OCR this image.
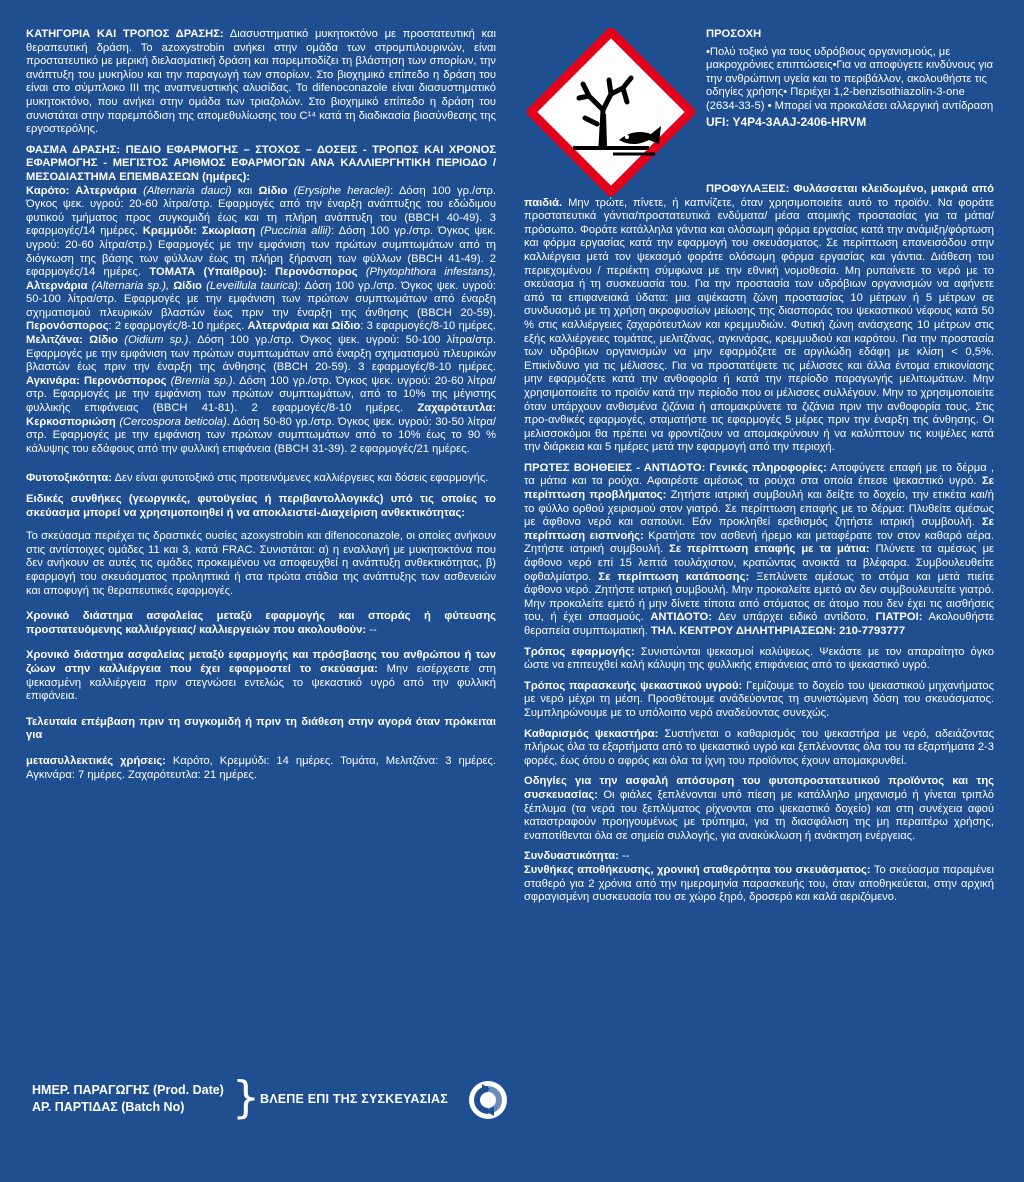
ΚΑΤΗΓΟΡΙΑ ΚΑΙ ΤΡΟΠΟΣ ΔΡΑΣΗΣ: Διασυστηματικό μυκητοκτόνο με προστατευτική και θεραπευτική δράση. Το azoxystrobin ανήκει στην ομάδα των στρομπιλουρινών, είναι προστατευτικό με μερική διελασματική δράση και παρεμποδίζει τη βλάστηση των σπορίων, την ανάπτυξη του μυκηλίου και την παραγωγή των σπορίων. Στο βιοχημικό επίπεδο η δράση του είναι στο σύμπλοκο ΙΙΙ της αναπνευστικής αλυσίδας. Το difenoconazole είναι διασυστηματικό μυκητοκτόνο, που ανήκει στην ομάδα των τριαζολών. Στο βιοχημικό επίπεδο η δράση του συνιστάται στην παρεμπόδιση της απομεθυλίωσης του C¹⁴ κατά τη διαδικασία βιοσύνθεσης της εργοστερόλης.

ΦΑΣΜΑ ΔΡΑΣΗΣ: ΠΕΔΙΟ ΕΦΑΡΜΟΓΗΣ – ΣΤΟΧΟΣ – ΔΟΣΕΙΣ - ΤΡΟΠΟΣ ΚΑΙ ΧΡΟΝΟΣ ΕΦΑΡΜΟΓΗΣ - ΜΕΓΙΣΤΟΣ ΑΡΙΘΜΟΣ ΕΦΑΡΜΟΓΩΝ ΑΝΑ ΚΑΛΛΙΕΡΓΗΤΙΚΗ ΠΕΡΙΟΔΟ / ΜΕΣΟΔΙΑΣΤΗΜΑ ΕΠΕΜΒΑΣΕΩΝ (ημέρες):
Καρότο: Αλτερνάρια (Alternaria dauci) και Ωίδιο (Erysiphe heraclei): Δόση 100 γρ./στρ. Όγκος ψεκ. υγρού: 20-60 λίτρα/στρ. Εφαρμογές από την έναρξη ανάπτυξης του εδώδιμου φυτικού τμήματος προς συγκομιδή έως και τη πλήρη ανάπτυξη του (BBCH 40-49). 3 εφαρμογές/14 ημέρες. Κρεμμύδι: Σκωρίαση (Puccinia allii): Δόση 100 γρ./στρ. Όγκος ψεκ. υγρού: 20-60 λίτρα/στρ.) Εφαρμογές με την εμφάνιση των πρώτων συμπτωμάτων από τη διόγκωση της βάσης των φύλλων έως τη πλήρη ξήρανση των φύλλων (BBCH 41-49). 2 εφαρμογές/14 ημέρες. ΤΟΜΑΤΑ (Υπαίθρου): Περονόσπορος (Phytophthora infestans), Αλτερνάρια (Alternaria sp.), Ωίδιο (Leveillula taurica): Δόση 100 γρ./στρ. Όγκος ψεκ. υγρού: 50-100 λίτρα/στρ. Εφαρμογές με την εμφάνιση των πρώτων συμπτωμάτων από έναρξη σχηματισμού πλευρικών βλαστών έως πριν την έναρξη της άνθησης (BBCH 20-59). Περονόσπορος: 2 εφαρμογές/8-10 ημέρες. Αλτερνάρια και Ωίδιο: 3 εφαρμογές/8-10 ημέρες. Μελιτζάνα: Ωίδιο (Oidium sp.). Δόση 100 γρ./στρ. Όγκος ψεκ. υγρού: 50-100 λίτρα/στρ. Εφαρμογές με την εμφάνιση των πρώτων συμπτωμάτων από έναρξη σχηματισμού πλευρικών βλαστών έως πριν την έναρξη της άνθησης (BBCH 20-59). 3 εφαρμογές/8-10 ημέρες. Αγκινάρα: Περονόσπορος (Bremia sp.). Δόση 100 γρ./στρ. Όγκος ψεκ. υγρού: 20-60 λίτρα/στρ. Εφαρμογές με την εμφάνιση των πρώτων συμπτωμάτων, από το 10% της μέγιστης φυλλικής επιφάνειας (BBCH 41-81). 2 εφαρμογές/8-10 ημέρες. Ζαχαρότευτλα: Κερκοσποριώση (Cercospora beticola). Δόση 50-80 γρ./στρ. Όγκος ψεκ. υγρού: 30-50 λίτρα/στρ. Εφαρμογές με την εμφάνιση των πρώτων συμπτωμάτων από το 10% έως το 90 % κάλυψης του εδάφους από την φυλλική επιφάνεια (BBCH 31-39). 2 εφαρμογές/21 ημέρες.

Φυτοτοξικότητα: Δεν είναι φυτοτοξικό στις προτεινόμενες καλλιέργειες και δόσεις εφαρμογής.

Ειδικές συνθήκες (γεωργικές, φυτοϋγείας ή περιβαντολλογικές) υπό τις οποίες το σκεύασμα μπορεί να χρησιμοποιηθεί ή να αποκλειστεί-Διαχείριση ανθεκτικότητας:

Το σκεύασμα περιέχει τις δραστικές ουσίες azoxystrobin και difenoconazole, οι οποίες ανήκουν στις αντίστοιχες ομάδες 11 και 3, κατά FRAC. Συνιστάται: α) η εναλλαγή με μυκητοκτόνα που δεν ανήκουν σε αυτές τις ομάδες προκειμένου να αποφευχθεί η ανάπτυξη ανθεκτικότητας, β) εφαρμογή του σκευάσματος προληπτικά ή στα πρώτα στάδια της ανάπτυξης των ασθενειών και αποφυγή τις θεραπευτικές εφαρμογές.

Χρονικό διάστημα ασφαλείας μεταξύ εφαρμογής και σποράς ή φύτευσης προστατευόμενης καλλιέργειας/ καλλιεργειών που ακολουθούν: --

Χρονικό διάστημα ασφαλείας μεταξύ εφαρμογής και πρόσβασης του ανθρώπου ή των ζώων στην καλλιέργεια που έχει εφαρμοστεί το σκεύασμα: Μην εισέρχεστε στη ψεκασμένη καλλιέργεια πριν στεγνώσει εντελώς το ψεκαστικό υγρό από την φυλλική επιφάνεια.

Τελευταία επέμβαση πριν τη συγκομιδή ή πριν τη διάθεση στην αγορά όταν πρόκειται για

μετασυλλεκτικές χρήσεις: Καρότο, Κρεμμύδι: 14 ημέρες. Τομάτα, Μελιτζάνα: 3 ημέρες. Αγκινάρα: 7 ημέρες. Ζαχαρότευτλα: 21 ημέρες.

ΠΡΟΣΟΧΗ

•Πολύ τοξικό για τους υδρόβιους οργανισμούς, με μακροχρόνιες επιπτώσεις•Για να αποφύγετε κινδύνους για την ανθρώπινη υγεία και το περιβάλλον, ακολουθήστε τις οδηγίες χρήσης• Περιέχει 1,2-benzisothiazolin-3-one (2634-33-5) • Μπορεί να προκαλέσει αλλεργική αντίδραση

UFI: Y4P4-3AAJ-2406-HRVM

ΠΡΟΦΥΛΑΞΕΙΣ: Φυλάσσεται κλειδωμένο, μακριά από παιδιά. Μην τρώτε, πίνετε, ή καπνίζετε, όταν χρησιμοποιείτε αυτό το προϊόν. Να φοράτε προστατευτικά γάντια/προστατευτικά ενδύματα/ μέσα ατομικής προστασίας για τα μάτια/πρόσωπο. Φοράτε κατάλληλα γάντια και ολόσωμη φόρμα εργασίας κατά την ανάμιξη/φόρτωση και φόρμα εργασίας κατά την εφαρμογή του σκευάσματος. Σε περίπτωση επανεισόδου στην καλλιέργεια μετά τον ψεκασμό φοράτε ολόσωμη φόρμα εργασίας και γάντια. Διάθεση του περιεχομένου / περιέκτη σύμφωνα με την εθνική νομοθεσία. Μη ρυπαίνετε το νερό με το σκεύασμα ή τη συσκευασία του. Για την προστασία των υδρόβιων οργανισμών να αφήνετε από τα επιφανειακά ύδατα: μια αψέκαστη ζώνη προστασίας 10 μέτρων ή 5 μέτρων σε συνδυασμό με τη χρήση ακροφυσίων μείωσης της διασποράς του ψεκαστικού νέφους κατά 50 % στις καλλιέργειες ζαχαρότευτλων και κρεμμυδιών. Φυτική ζώνη ανάσχεσης 10 μέτρων στις εξής καλλιέργειες τομάτας, μελιτζάνας, αγκινάρας, κρεμμυδιού και καρότου. Για την προστασία των υδρόβιων οργανισμών να μην εφαρμόζετε σε αργιλώδη εδάφη με κλίση < 0,5%. Επικίνδυνο για τις μέλισσες. Για να προστατέψετε τις μέλισσες και άλλα έντομα επικονίασης μην εφαρμόζετε κατά την ανθοφορία ή κατά την περίοδο παραγωγής μελιτωμάτων. Μην χρησιμοποιείτε το προϊόν κατά την περίοδο που οι μέλισσες συλλέγουν. Μην το χρησιμοποιείτε όταν υπάρχουν ανθισμένα ζιζάνια ή απομακρύνετε τα ζιζάνια πριν την ανθοφορία τους. Στις προ-ανθικές εφαρμογές, σταματήστε τις εφαρμογές 5 μέρες πριν την έναρξη της άνθησης. Οι μελισσοκόμοι θα πρέπει να φροντίζουν να απομακρύνουν ή να καλύπτουν τις κυψέλες κατά την διάρκεια και 5 ημέρες μετά την εφαρμογή από την περιοχή.

ΠΡΩΤΕΣ ΒΟΗΘΕΙΕΣ - ΑΝΤΙΔΟΤΟ: Γενικές πληροφορίες: Αποφύγετε επαφή με το δέρμα , τα μάτια και τα ρούχα. Αφαιρέστε αμέσως τα ρούχα στα οποία έπεσε ψεκαστικό υγρό. Σε περίπτωση προβλήματος: Ζητήστε ιατρική συμβουλή και δείξτε το δοχείο, την ετικέτα και/ή το φύλλο ορθού χειρισμού στον γιατρό. Σε περίπτωση επαφής με το δέρμα: Πλυθείτε αμέσως με άφθονο νερό και σαπούνι. Εάν προκληθεί ερεθισμός ζητήστε ιατρική συμβουλή. Σε περίπτωση εισπνοής: Κρατήστε τον ασθενή ήρεμο και μεταφέρατε τον στον καθαρό αέρα. Ζητήστε ιατρική συμβουλή. Σε περίπτωση επαφής με τα μάτια: Πλύνετε τα αμέσως με άφθονο νερό επί 15 λεπτά τουλάχιστον, κρατώντας ανοικτά τα βλέφαρα. Συμβουλευθείτε οφθαλμίατρο. Σε περίπτωση κατάποσης: Ξεπλύνετε αμέσως το στόμα και μετά πιείτε άφθονο νερό. Ζητήστε ιατρική συμβουλή. Μην προκαλείτε εμετό αν δεν συμβουλευτείτε γιατρό. Μην προκαλείτε εμετό ή μην δίνετε τίποτα από στόματος σε άτομο που δεν έχει τις αισθήσεις του, ή έχει σπασμούς. ΑΝΤΙΔΟΤΟ: Δεν υπάρχει ειδικό αντίδοτο. ΓΙΑΤΡΟΙ: Ακολουθήστε θεραπεία συμπτωματική. ΤΗΛ. ΚΕΝΤΡΟΥ ΔΗΛΗΤΗΡΙΑΣΕΩΝ: 210-7793777

Τρόπος εφαρμογής: Συνιστώνται ψεκασμοί καλύψεως. Ψεκάστε με τον απαραίτητο όγκο ώστε να επιτευχθεί καλή κάλυψη της φυλλικής επιφάνειας από το ψεκαστικό υγρό.

Τρόπος παρασκευής ψεκαστικού υγρού: Γεμίζουμε το δοχείο του ψεκαστικού μηχανήματος με νερό μέχρι τη μέση. Προσθέτουμε ανάδεύοντας τη συνιστώμενη δόση του σκευάσματος. Συμπληρώνουμε με το υπόλοιπο νερό αναδεύοντας συνεχώς.

Καθαρισμός ψεκαστήρα: Συστήνεται ο καθαρισμός του ψεκαστήρα με νερό, αδειάζοντας πλήρως όλα τα εξαρτήματα από το ψεκαστικό υγρό και ξεπλένοντας όλα του τα εξαρτήματα 2-3 φορές, έως ότου ο αφρός και όλα τα ίχνη του προϊόντος έχουν απομακρυνθεί.

Οδηγίες για την ασφαλή απόσυρση του φυτοπροστατευτικού προϊόντος και της συσκευασίας: Οι φιάλες ξεπλένονται υπό πίεση με κατάλληλο μηχανισμό ή γίνεται τριπλό ξέπλυμα (τα νερά του ξεπλύματος ρίχνονται στο ψεκαστικό δοχείο) και στη συνέχεια αφού καταστραφούν προηγουμένως με τρύπημα, για τη διασφάλιση της μη περαιτέρω χρήσης, εναποτίθενται όλα σε σημεία συλλογής, για ανακύκλωση ή ανάκτηση ενέργειας.

Συνδυαστικότητα: --

Συνθήκες αποθήκευσης, χρονική σταθερότητα του σκευάσματος: Το σκεύασμα παραμένει σταθερό για 2 χρόνια από την ημερομηνία παρασκευής του, όταν αποθηκεύεται, στην αρχική σφραγισμένη συσκευασία του σε χώρο ξηρό, δροσερό και καλά αεριζόμενο.

ΗΜΕΡ. ΠΑΡΑΓΩΓΗΣ (Prod. Date)
ΑΡ. ΠΑΡΤΙΔΑΣ (Batch No)	} ΒΛΕΠΕ ΕΠΙ ΤΗΣ ΣΥΣΚΕΥΑΣΙΑΣ
